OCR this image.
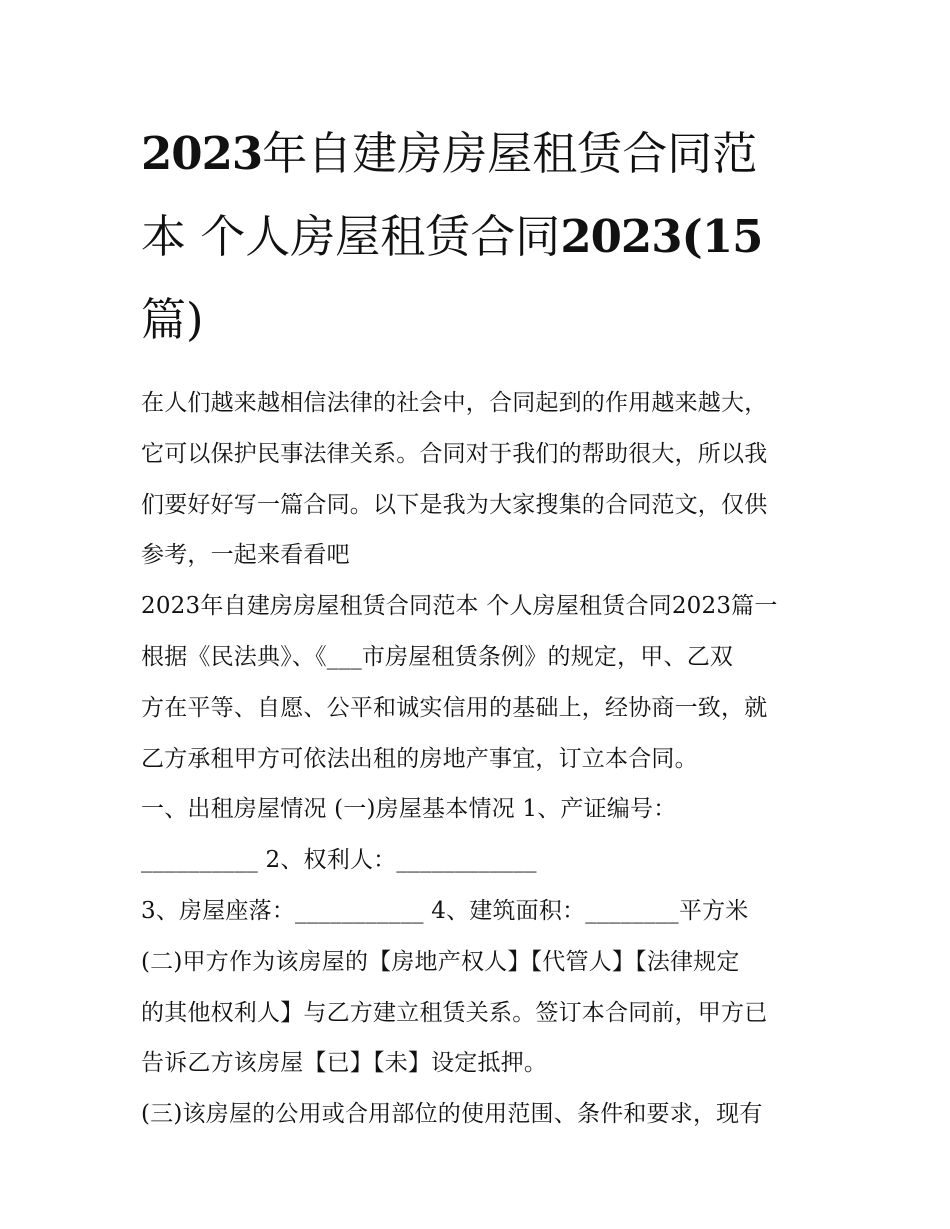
2023年自建房房屋租赁合同范
本 个人房屋租赁合同2023(15
篇)
在人们越来越相信法律的社会中，合同起到的作用越来越大，
它可以保护民事法律关系。合同对于我们的帮助很大，所以我
们要好好写一篇合同。以下是我为大家搜集的合同范文，仅供
参考，一起来看看吧
2023年自建房房屋租赁合同范本 个人房屋租赁合同2023篇一
根据《民法典》、《___市房屋租赁条例》的规定，甲、乙双
方在平等、自愿、公平和诚实信用的基础上，经协商一致，就
乙方承租甲方可依法出租的房地产事宜，订立本合同。
一、出租房屋情况 (一)房屋基本情况 1、产证编号：
__________ 2、权利人：____________
3、房屋座落：___________ 4、建筑面积：________平方米
(二)甲方作为该房屋的【房地产权人】【代管人】【法律规定
的其他权利人】与乙方建立租赁关系。签订本合同前，甲方已
告诉乙方该房屋【已】【未】设定抵押。
(三)该房屋的公用或合用部位的使用范围、条件和要求，现有
